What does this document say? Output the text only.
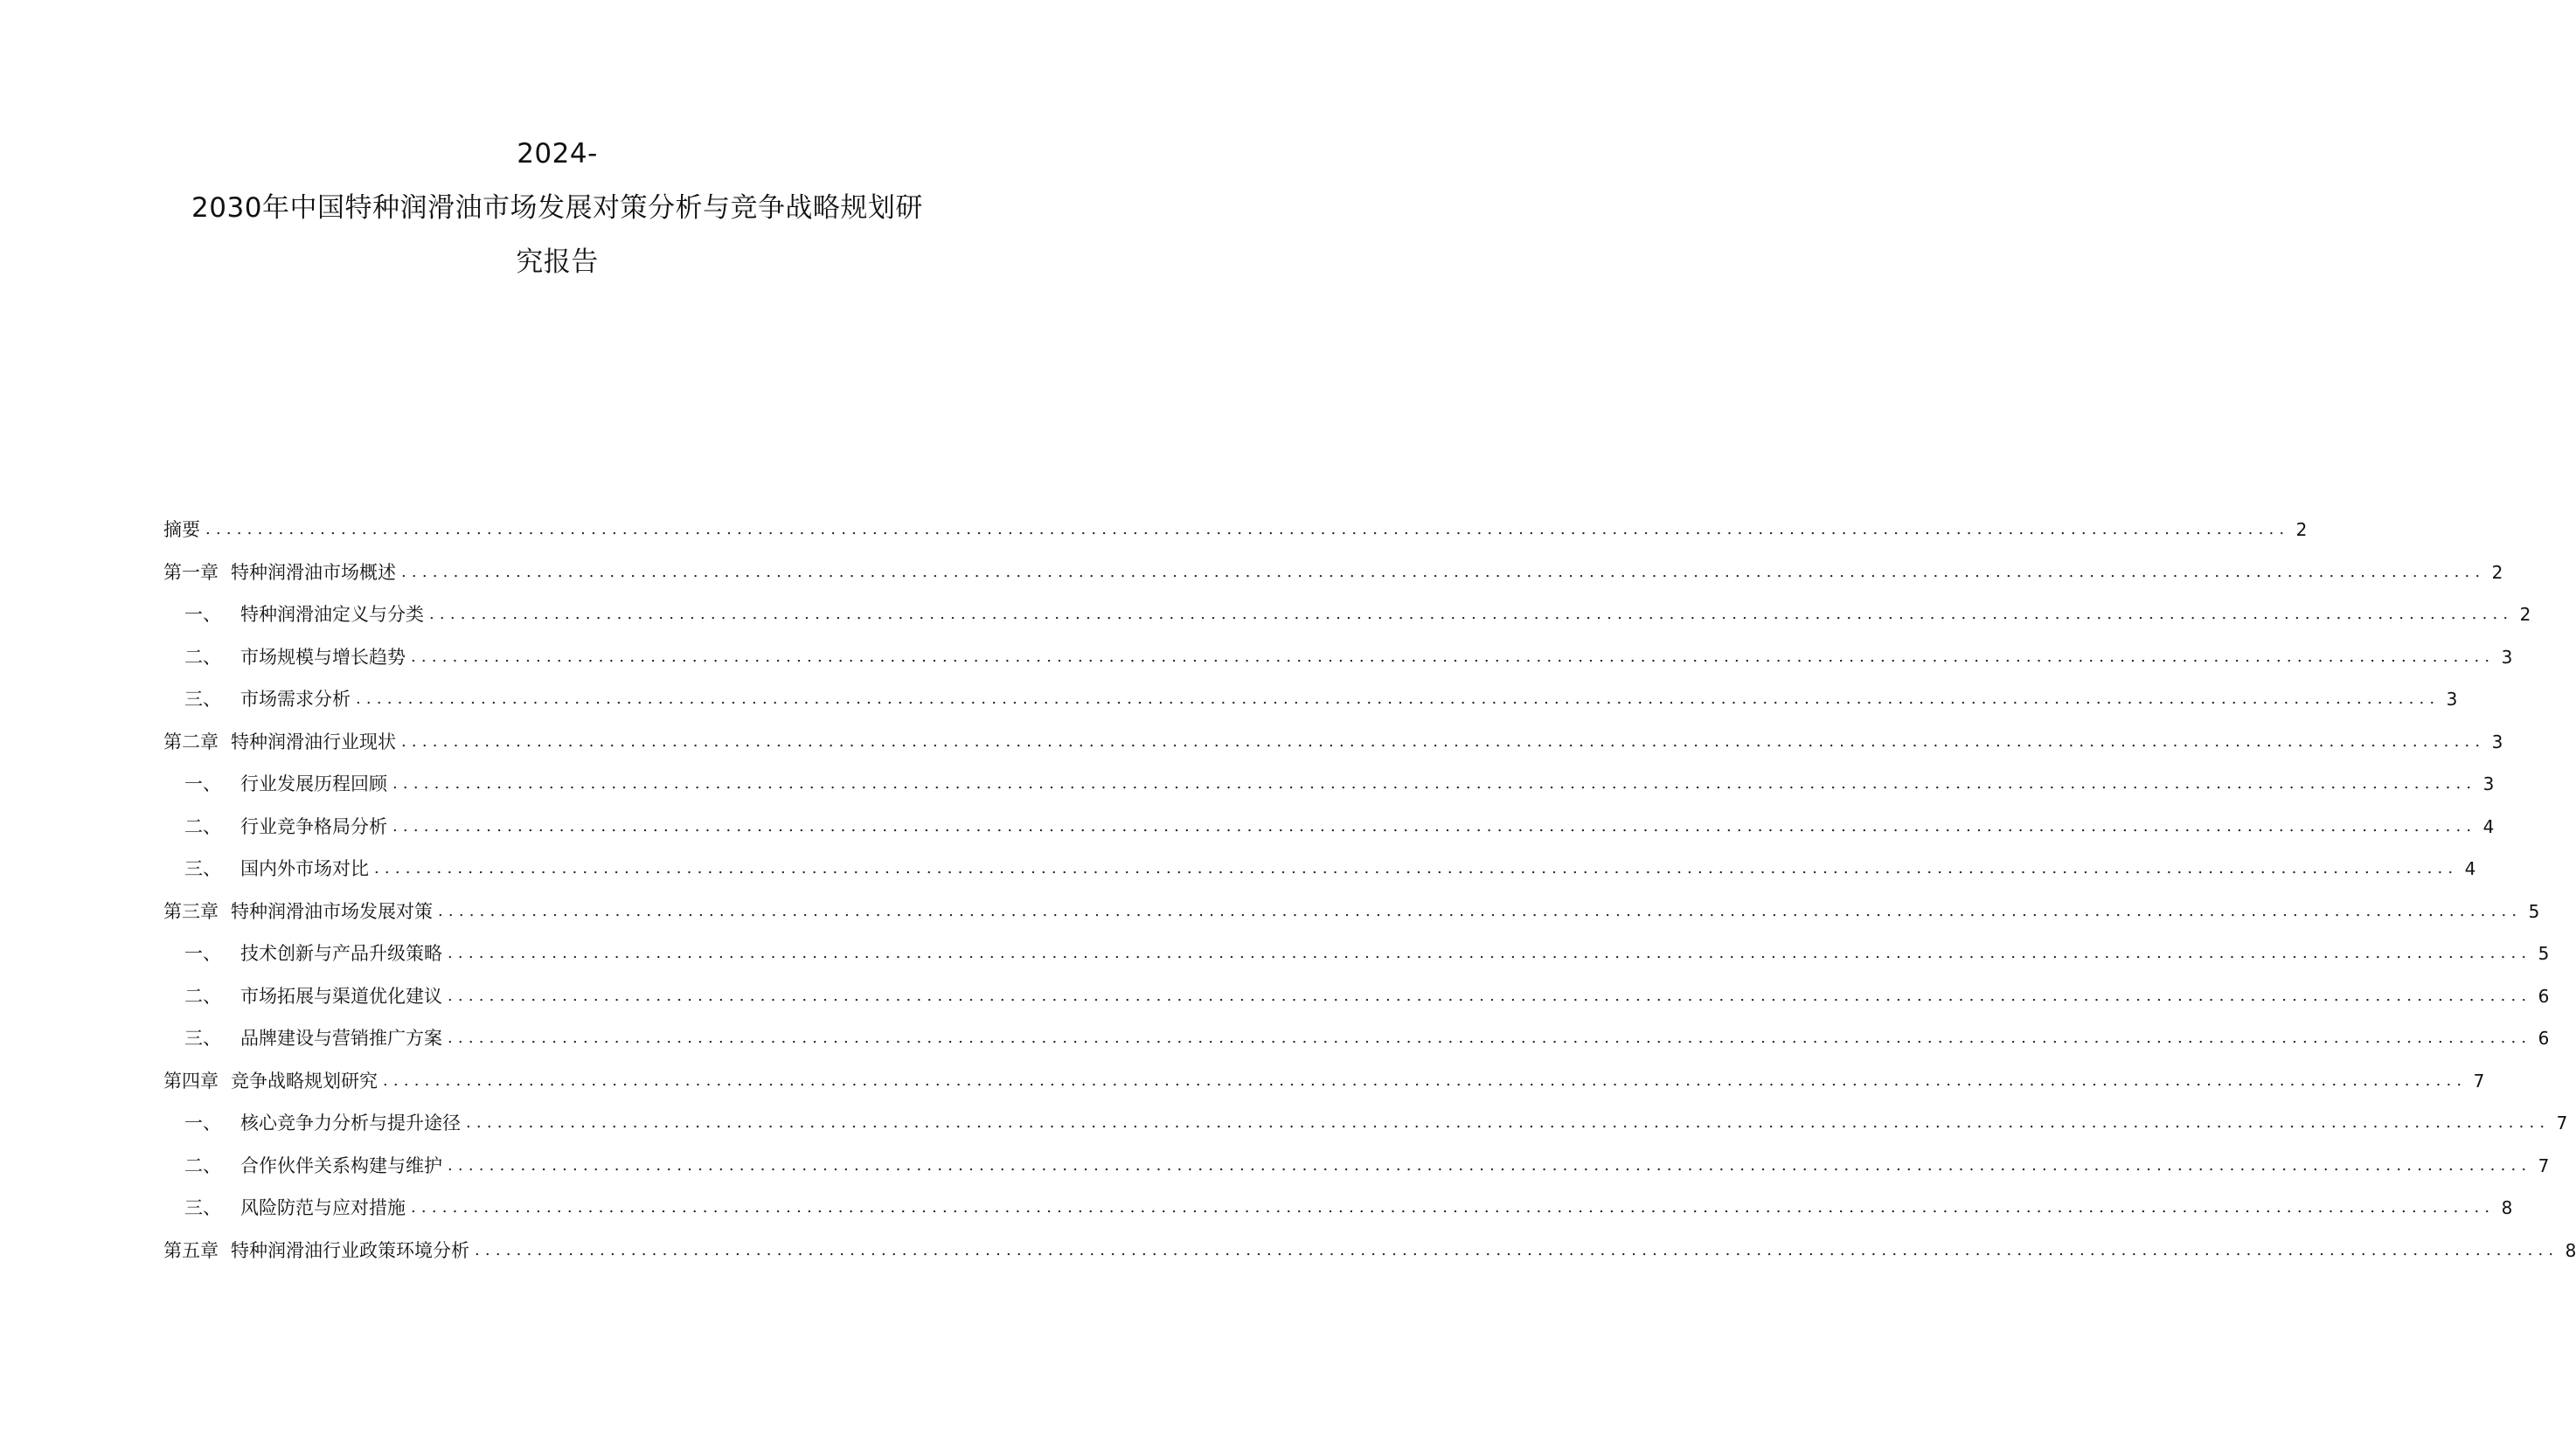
2024-
2030年中国特种润滑油市场发展对策分析与竞争战略规划研
究报告
摘要 ........................................................................................................................................................................................................ 2
第一章 特种润滑油市场概述 ........................................................................................................................................................................................................ 2
一、	特种润滑油定义与分类 ........................................................................................................................................................................................................ 2
二、	市场规模与增长趋势 ........................................................................................................................................................................................................ 3
三、	市场需求分析 ........................................................................................................................................................................................................ 3
第二章 特种润滑油行业现状 ........................................................................................................................................................................................................ 3
一、	行业发展历程回顾 ........................................................................................................................................................................................................ 3
二、	行业竞争格局分析 ........................................................................................................................................................................................................ 4
三、	国内外市场对比 ........................................................................................................................................................................................................ 4
第三章 特种润滑油市场发展对策 ........................................................................................................................................................................................................ 5
一、	技术创新与产品升级策略 ........................................................................................................................................................................................................ 5
二、	市场拓展与渠道优化建议 ........................................................................................................................................................................................................ 6
三、	品牌建设与营销推广方案 ........................................................................................................................................................................................................ 6
第四章 竞争战略规划研究 ........................................................................................................................................................................................................ 7
一、	核心竞争力分析与提升途径 ........................................................................................................................................................................................................ 7
二、	合作伙伴关系构建与维护 ........................................................................................................................................................................................................ 7
三、	风险防范与应对措施 ........................................................................................................................................................................................................ 8
第五章 特种润滑油行业政策环境分析 ........................................................................................................................................................................................................ 8
